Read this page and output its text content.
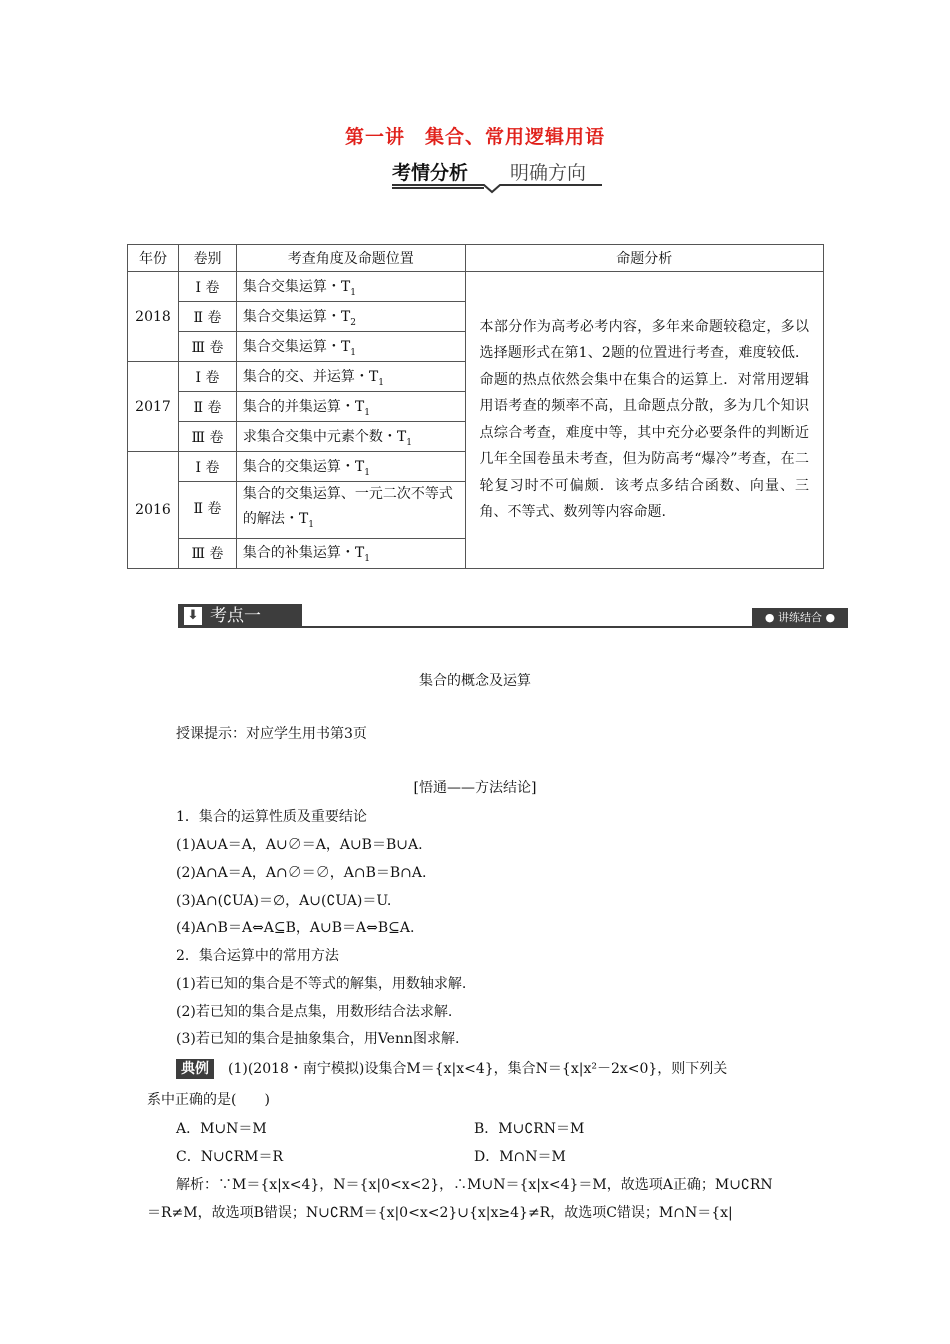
第一讲　集合、常用逻辑用语
考情分析 明确方向
年份	卷别	考查角度及命题位置	命题分析
2018	Ⅰ 卷	集合交集运算・$T_1$	本部分作为高考必考内容，多年来命题较稳定，多以选择题形式在第1、2题的位置进行考查，难度较低．命题的热点依然会集中在集合的运算上．对常用逻辑用语考查的频率不高，且命题点分散，多为几个知识点综合考查，难度中等，其中充分必要条件的判断近几年全国卷虽未考查，但为防高考“爆冷”考查，在二轮复习时不可偏颇．该考点多结合函数、向量、三角、不等式、数列等内容命题.
	Ⅱ 卷	集合交集运算・$T_2$
	Ⅲ 卷	集合交集运算・$T_1$
2017	Ⅰ 卷	集合的交、并运算・$T_1$
	Ⅱ 卷	集合的并集运算・$T_1$
	Ⅲ 卷	求集合交集中元素个数・$T_1$
2016	Ⅰ 卷	集合的交集运算・$T_1$
	Ⅱ 卷	集合的交集运算、一元二次不等式的解法・$T_1$
	Ⅲ 卷	集合的补集运算・$T_1$
⬇ 考点一	● 讲练结合 ●
集合的概念及运算
授课提示：对应学生用书第3页
[悟通——方法结论]
1．集合的运算性质及重要结论
(1)A∪A＝A，A∪∅＝A，A∪B＝B∪A.
(2)A∩A＝A，A∩∅＝∅，A∩B＝B∩A.
(3)A∩(∁UA)＝∅，A∪(∁UA)＝U.
(4)A∩B＝A⇔A⊆B，A∪B＝A⇔B⊆A.
2．集合运算中的常用方法
(1)若已知的集合是不等式的解集，用数轴求解.
(2)若已知的集合是点集，用数形结合法求解.
(3)若已知的集合是抽象集合，用Venn图求解.
典例 (1)(2018・南宁模拟)设集合M＝{x|x<4}，集合N＝{x|x²－2x<0}，则下列关
系中正确的是(　　)
A．M∪N＝M	B．M∪∁RN＝M
C．N∪∁RM＝R	D．M∩N＝M
解析：∵M＝{x|x<4}，N＝{x|0<x<2}，∴M∪N＝{x|x<4}＝M，故选项A正确；M∪∁RN
＝R≠M，故选项B错误；N∪∁RM＝{x|0<x<2}∪{x|x≥4}≠R，故选项C错误；M∩N＝{x|
